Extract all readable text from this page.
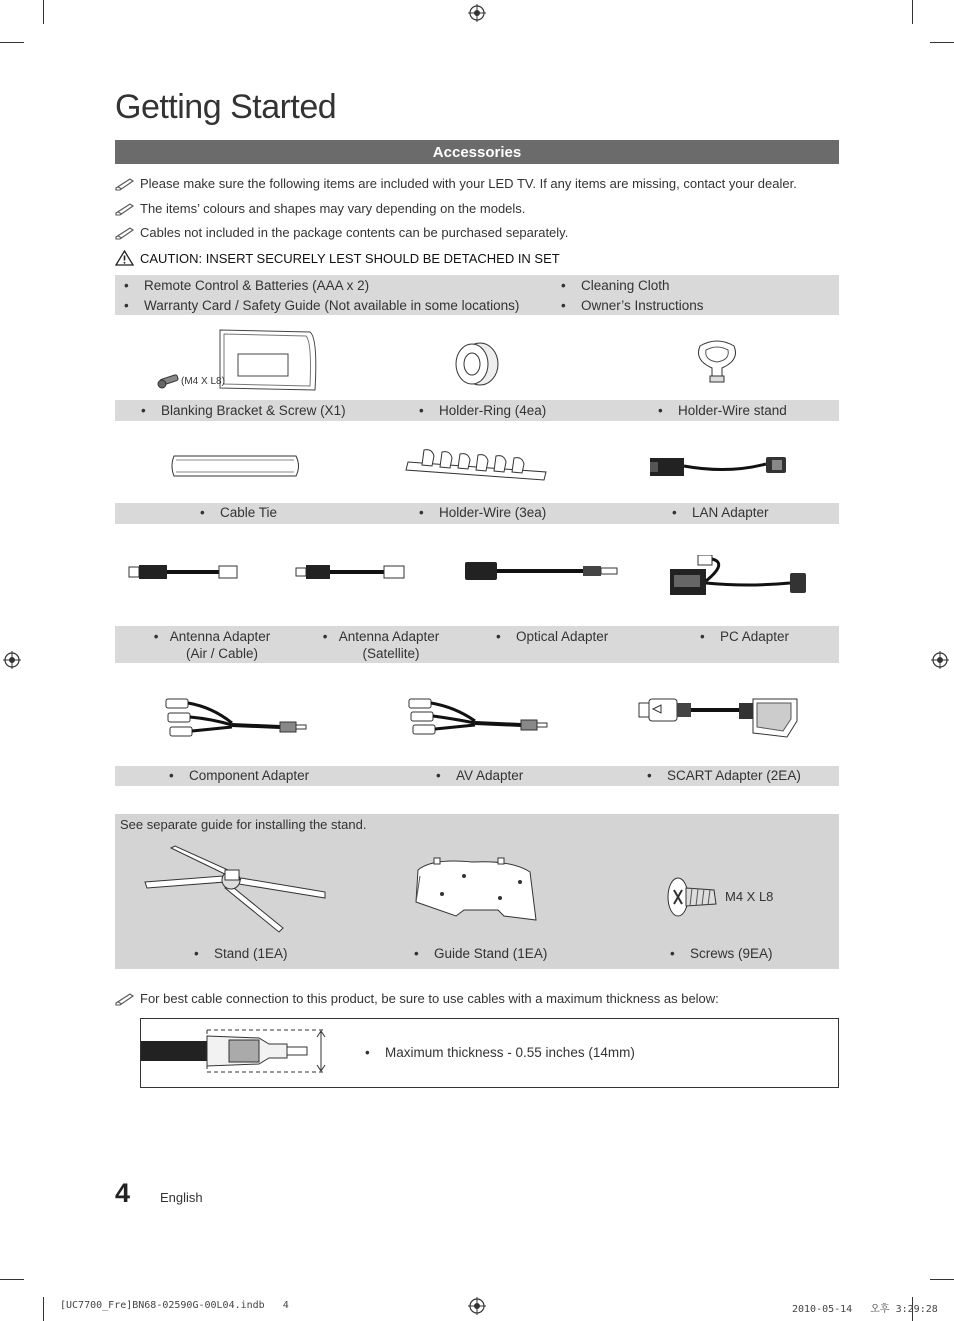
Getting Started
Accessories
Please make sure the following items are included with your LED TV. If any items are missing, contact your dealer.
The items’ colours and shapes may vary depending on the models.
Cables not included in the package contents can be purchased separately.
CAUTION: INSERT SECURELY LEST SHOULD BE DETACHED IN SET
• Remote Control & Batteries (AAA x 2)
• Warranty Card / Safety Guide (Not available in some locations)
• Cleaning Cloth
• Owner’s Instructions
(M4 X L8)
• Blanking Bracket & Screw (X1)	• Holder-Ring (4ea)	• Holder-Wire stand
• Cable Tie	• Holder-Wire (3ea)	• LAN Adapter
•   Antenna Adapter
(Air / Cable)
•   Antenna Adapter
(Satellite)
• Optical Adapter	• PC Adapter
• Component Adapter	• AV Adapter	• SCART Adapter (2EA)
See separate guide for installing the stand.
M4 X L8
• Stand (1EA)	• Guide Stand (1EA)	• Screws (9EA)
For best cable connection to this product, be sure to use cables with a maximum thickness as below:
• Maximum thickness - 0.55 inches (14mm)
4 English
[UC7700_Fre]BN68-02590G-00L04.indb   4	2010-05-14   오후 3:29:28
